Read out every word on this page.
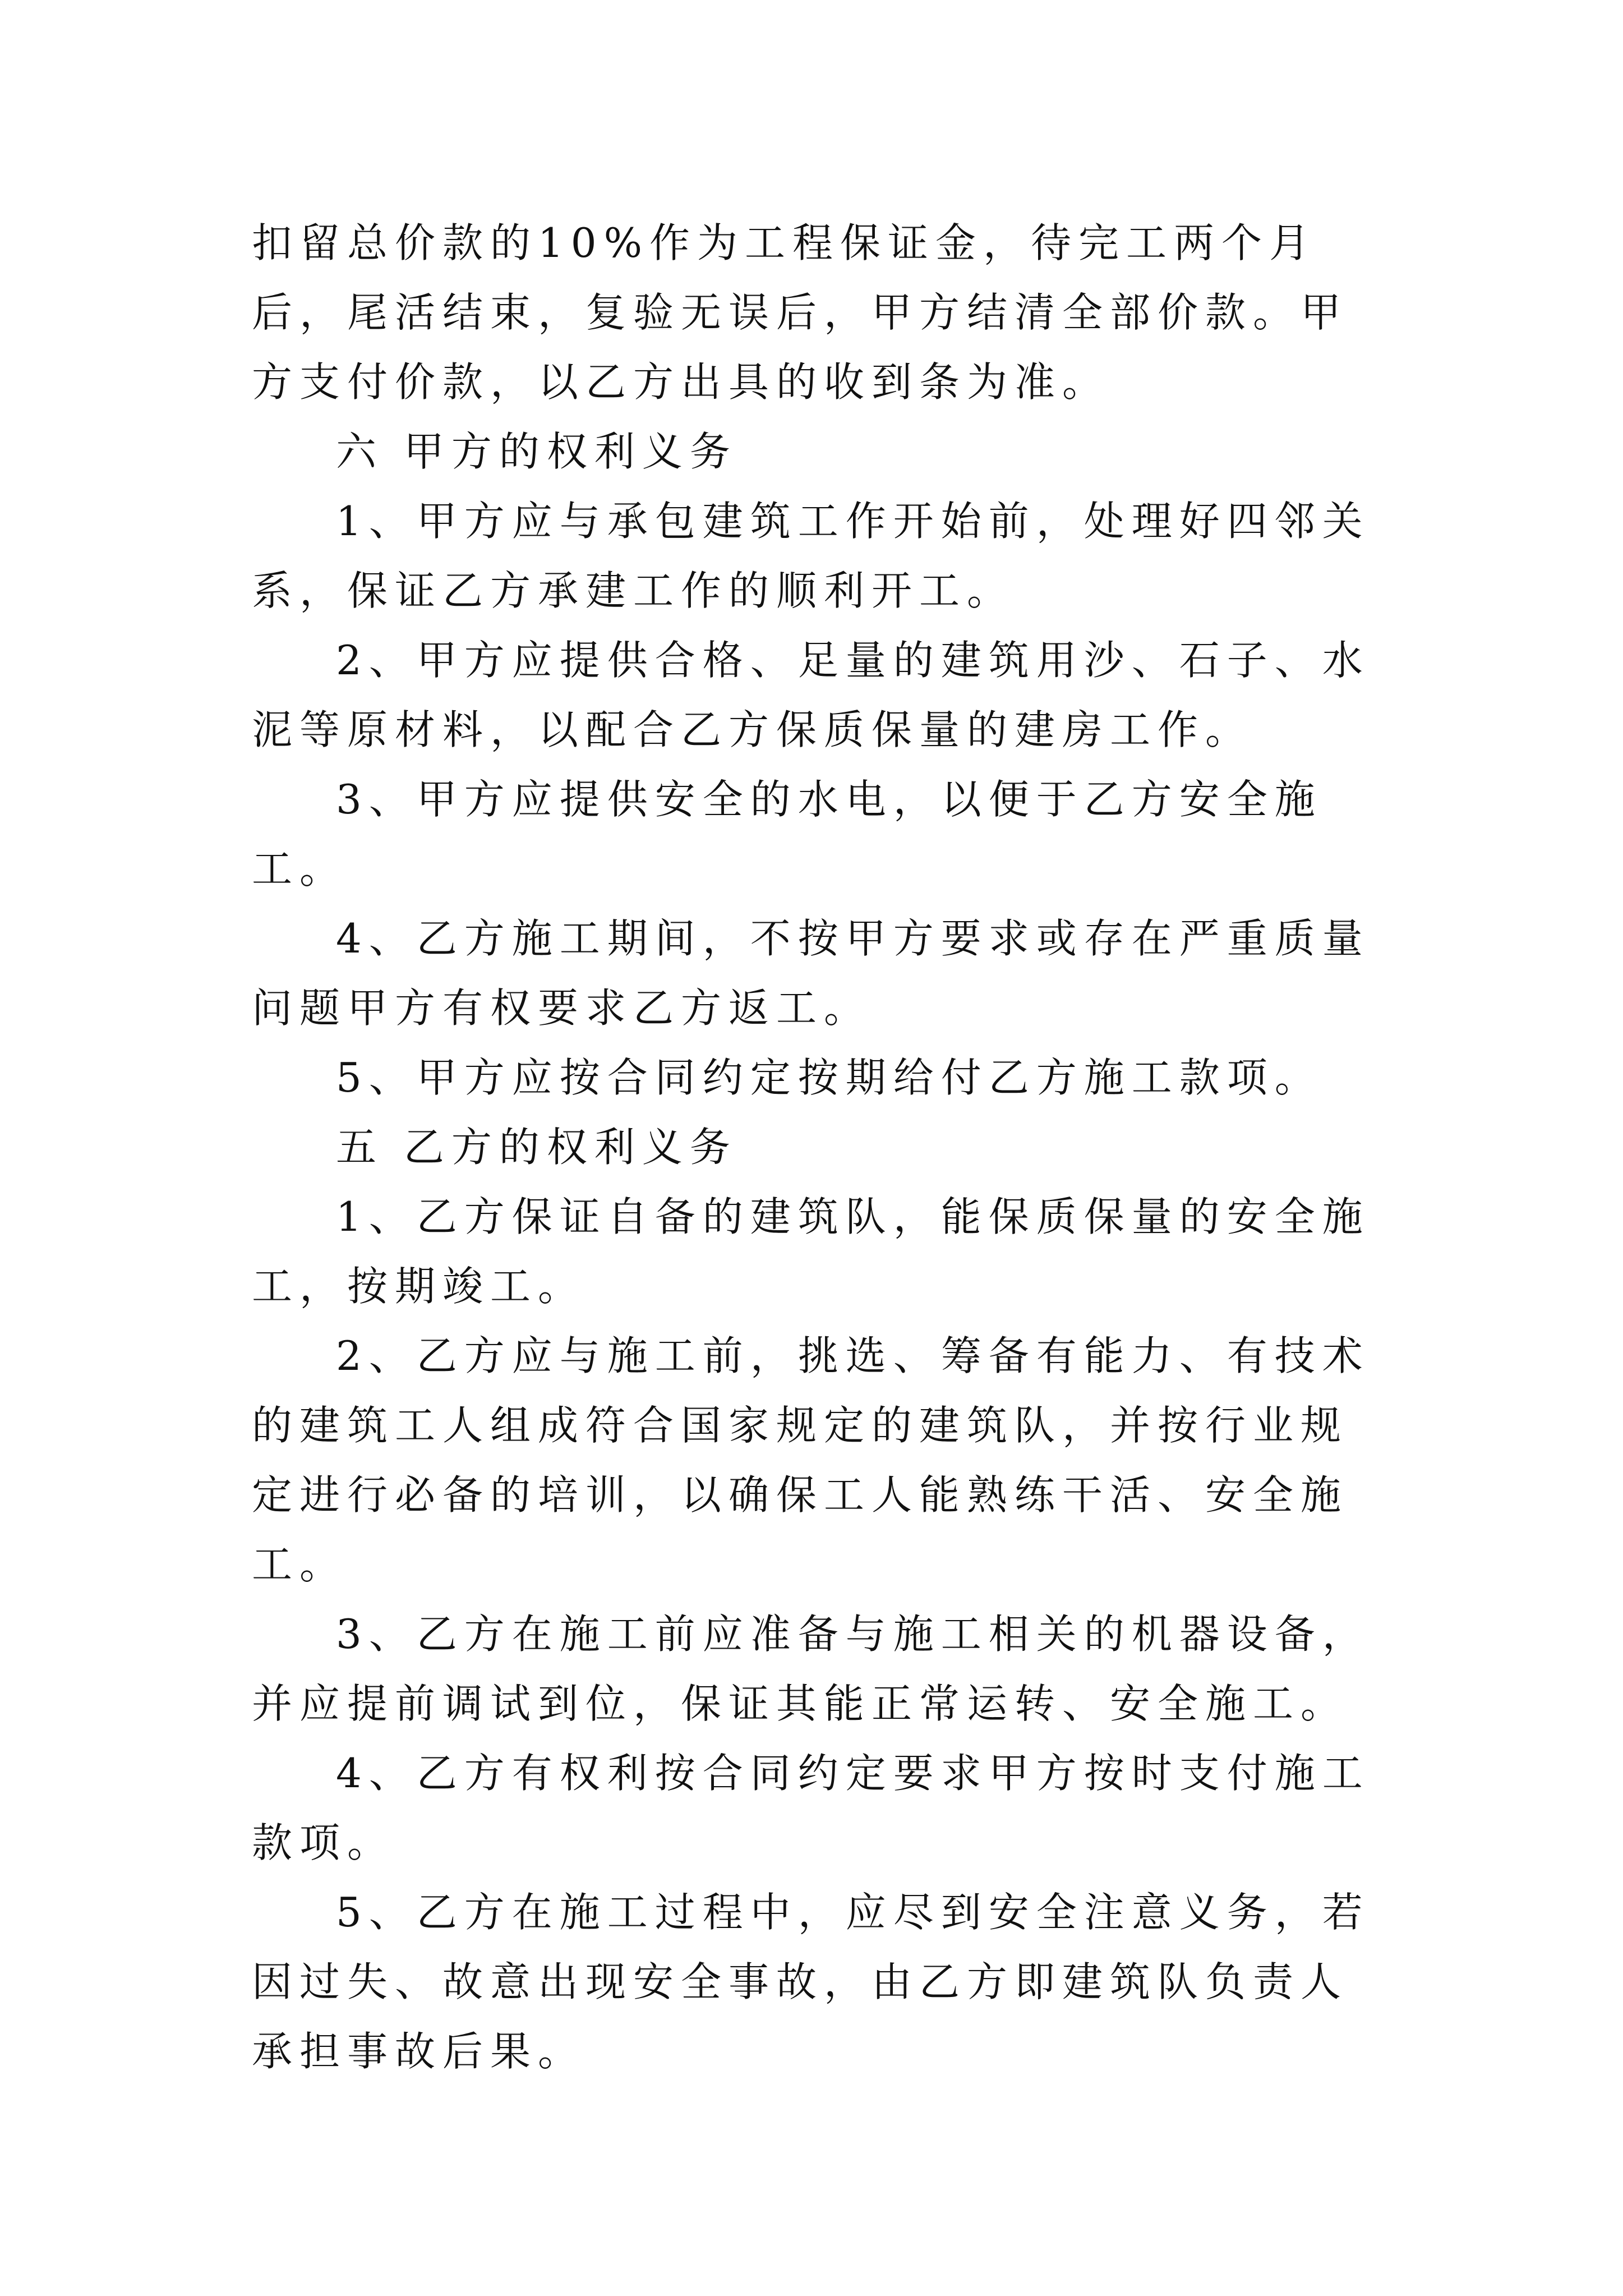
扣留总价款的10%作为工程保证金，待完工两个月后，尾活结束，复验无误后，甲方结清全部价款。甲方支付价款，以乙方出具的收到条为准。

六 甲方的权利义务

1、甲方应与承包建筑工作开始前，处理好四邻关系，保证乙方承建工作的顺利开工。

2、甲方应提供合格、足量的建筑用沙、石子、水泥等原材料，以配合乙方保质保量的建房工作。

3、甲方应提供安全的水电，以便于乙方安全施工。

4、乙方施工期间，不按甲方要求或存在严重质量问题甲方有权要求乙方返工。

5、甲方应按合同约定按期给付乙方施工款项。

五 乙方的权利义务

1、乙方保证自备的建筑队，能保质保量的安全施工，按期竣工。

2、乙方应与施工前，挑选、筹备有能力、有技术的建筑工人组成符合国家规定的建筑队，并按行业规定进行必备的培训，以确保工人能熟练干活、安全施工。

3、乙方在施工前应准备与施工相关的机器设备，并应提前调试到位，保证其能正常运转、安全施工。

4、乙方有权利按合同约定要求甲方按时支付施工款项。

5、乙方在施工过程中，应尽到安全注意义务，若因过失、故意出现安全事故，由乙方即建筑队负责人承担事故后果。
